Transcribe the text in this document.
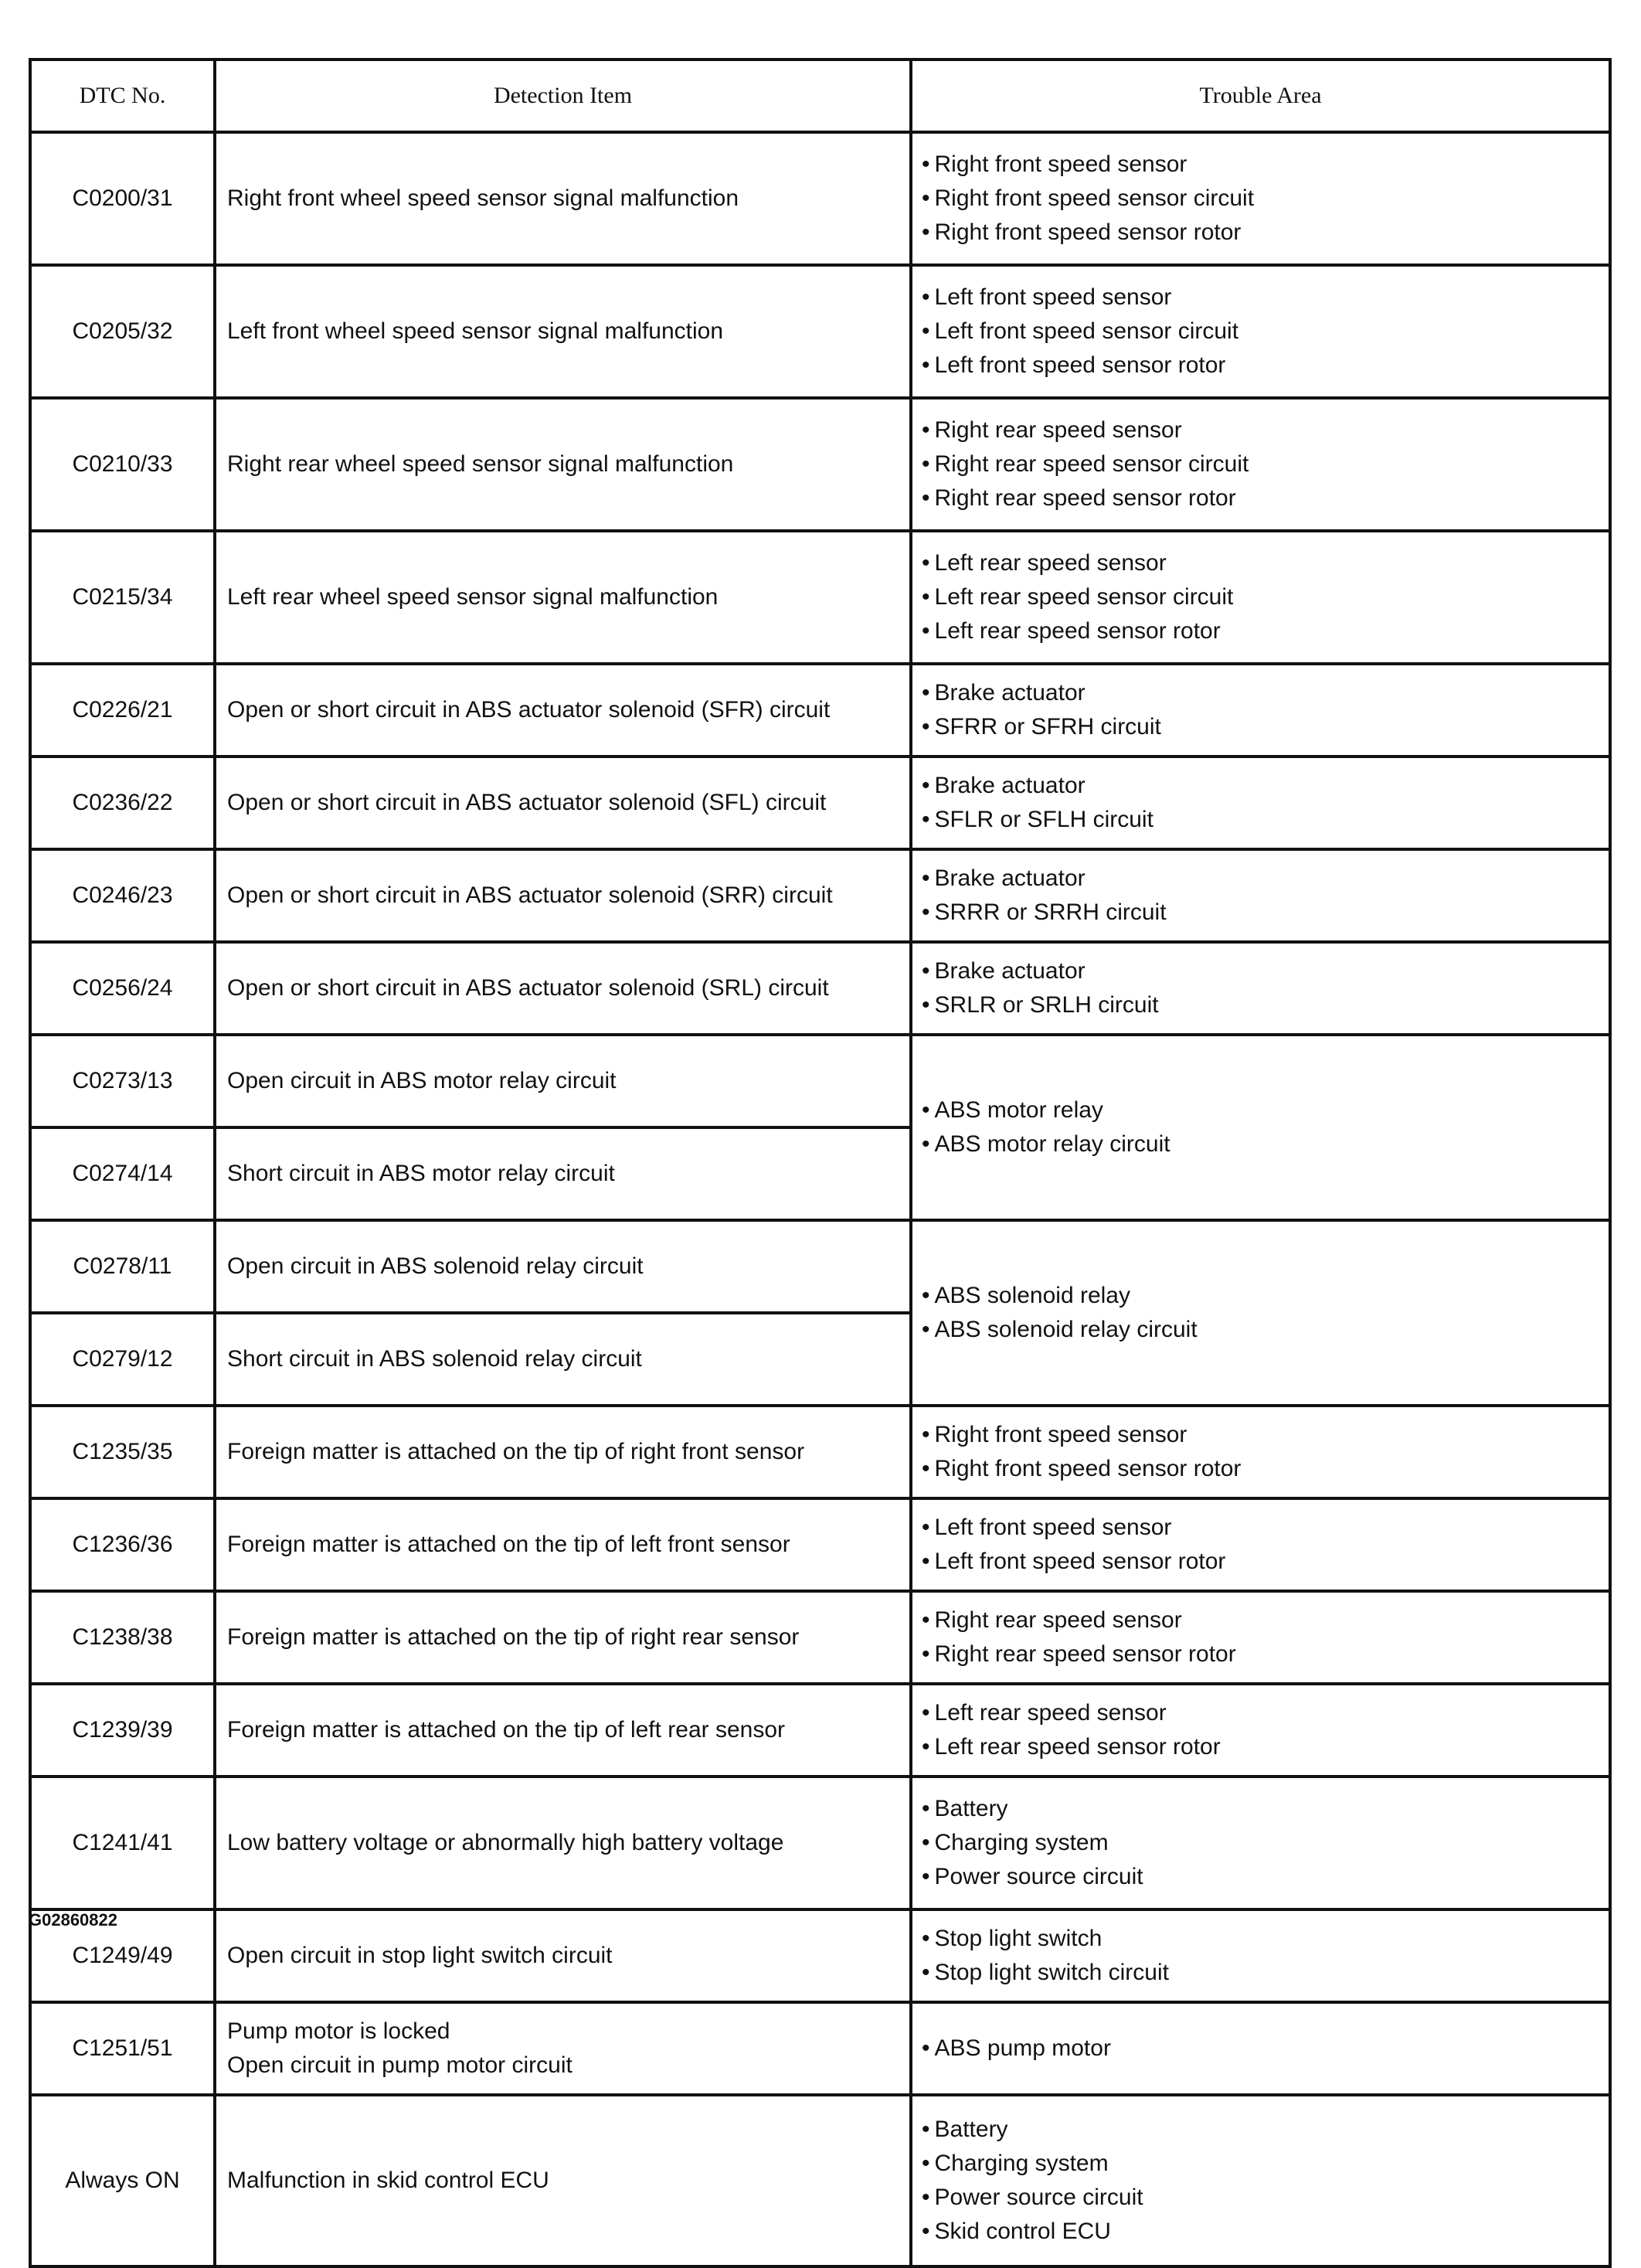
DTC No.	Detection Item	Trouble Area
C0200/31	Right front wheel speed sensor signal malfunction	• Right front speed sensor
• Right front speed sensor circuit
• Right front speed sensor rotor

C0205/32	Left front wheel speed sensor signal malfunction	• Left front speed sensor
• Left front speed sensor circuit
• Left front speed sensor rotor

C0210/33	Right rear wheel speed sensor signal malfunction	• Right rear speed sensor
• Right rear speed sensor circuit
• Right rear speed sensor rotor

C0215/34	Left rear wheel speed sensor signal malfunction	• Left rear speed sensor
• Left rear speed sensor circuit
• Left rear speed sensor rotor

C0226/21	Open or short circuit in ABS actuator solenoid (SFR) circuit	• Brake actuator
• SFRR or SFRH circuit

C0236/22	Open or short circuit in ABS actuator solenoid (SFL) circuit	• Brake actuator
• SFLR or SFLH circuit

C0246/23	Open or short circuit in ABS actuator solenoid (SRR) circuit	• Brake actuator
• SRRR or SRRH circuit

C0256/24	Open or short circuit in ABS actuator solenoid (SRL) circuit	• Brake actuator
• SRLR or SRLH circuit

C0273/13	Open circuit in ABS motor relay circuit	• ABS motor relay
• ABS motor relay circuit

C0274/14	Short circuit in ABS motor relay circuit	

C0278/11	Open circuit in ABS solenoid relay circuit	• ABS solenoid relay
• ABS solenoid relay circuit

C0279/12	Short circuit in ABS solenoid relay circuit	

C1235/35	Foreign matter is attached on the tip of right front sensor	• Right front speed sensor
• Right front speed sensor rotor

C1236/36	Foreign matter is attached on the tip of left front sensor	• Left front speed sensor
• Left front speed sensor rotor

C1238/38	Foreign matter is attached on the tip of right rear sensor	• Right rear speed sensor
• Right rear speed sensor rotor

C1239/39	Foreign matter is attached on the tip of left rear sensor	• Left rear speed sensor
• Left rear speed sensor rotor

C1241/41	Low battery voltage or abnormally high battery voltage	• Battery
• Charging system
• Power source circuit

C1249/49	Open circuit in stop light switch circuit	• Stop light switch
• Stop light switch circuit

C1251/51	Pump motor is locked
Open circuit in pump motor circuit	• ABS pump motor

Always ON	Malfunction in skid control ECU	• Battery
• Charging system
• Power source circuit
• Skid control ECU
G02860822
